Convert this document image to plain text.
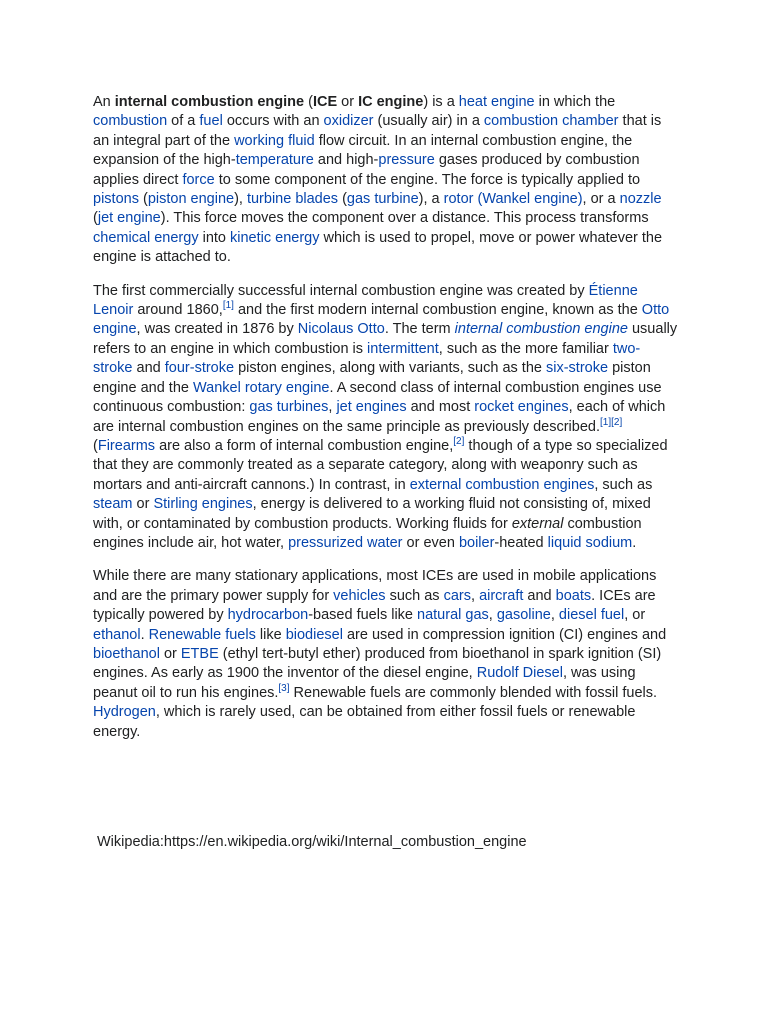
An internal combustion engine (ICE or IC engine) is a heat engine in which the combustion of a fuel occurs with an oxidizer (usually air) in a combustion chamber that is an integral part of the working fluid flow circuit. In an internal combustion engine, the expansion of the high-temperature and high-pressure gases produced by combustion applies direct force to some component of the engine. The force is typically applied to pistons (piston engine), turbine blades (gas turbine), a rotor (Wankel engine), or a nozzle (jet engine). This force moves the component over a distance. This process transforms chemical energy into kinetic energy which is used to propel, move or power whatever the engine is attached to.

The first commercially successful internal combustion engine was created by Étienne Lenoir around 1860,[1] and the first modern internal combustion engine, known as the Otto engine, was created in 1876 by Nicolaus Otto. The term internal combustion engine usually refers to an engine in which combustion is intermittent, such as the more familiar two-stroke and four-stroke piston engines, along with variants, such as the six-stroke piston engine and the Wankel rotary engine. A second class of internal combustion engines use continuous combustion: gas turbines, jet engines and most rocket engines, each of which are internal combustion engines on the same principle as previously described.[1][2] (Firearms are also a form of internal combustion engine,[2] though of a type so specialized that they are commonly treated as a separate category, along with weaponry such as mortars and anti-aircraft cannons.) In contrast, in external combustion engines, such as steam or Stirling engines, energy is delivered to a working fluid not consisting of, mixed with, or contaminated by combustion products. Working fluids for external combustion engines include air, hot water, pressurized water or even boiler-heated liquid sodium.

While there are many stationary applications, most ICEs are used in mobile applications and are the primary power supply for vehicles such as cars, aircraft and boats. ICEs are typically powered by hydrocarbon-based fuels like natural gas, gasoline, diesel fuel, or ethanol. Renewable fuels like biodiesel are used in compression ignition (CI) engines and bioethanol or ETBE (ethyl tert-butyl ether) produced from bioethanol in spark ignition (SI) engines. As early as 1900 the inventor of the diesel engine, Rudolf Diesel, was using peanut oil to run his engines.[3] Renewable fuels are commonly blended with fossil fuels. Hydrogen, which is rarely used, can be obtained from either fossil fuels or renewable energy.

Wikipedia:https://en.wikipedia.org/wiki/Internal_combustion_engine
